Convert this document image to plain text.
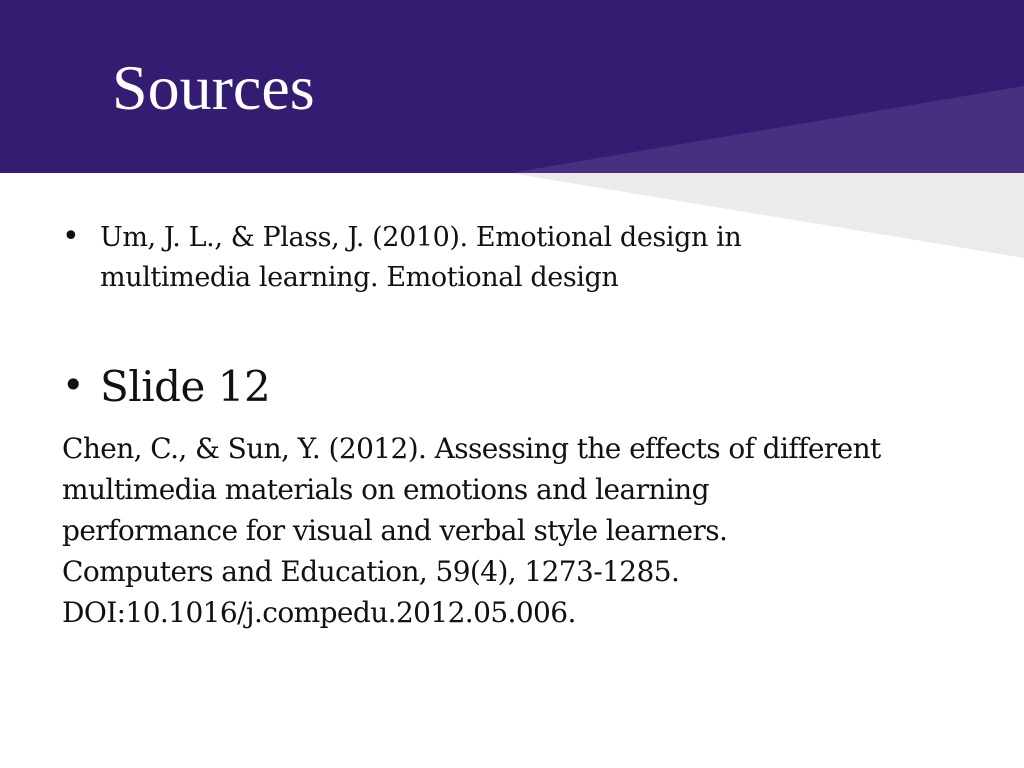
Sources
• Um, J. L., & Plass, J. (2010). Emotional design in multimedia learning. Emotional design
• Slide 12
Chen, C., & Sun, Y. (2012). Assessing the effects of different
multimedia materials on emotions and learning
performance for visual and verbal style learners.
Computers and Education, 59(4), 1273-1285.
DOI:10.1016/j.compedu.2012.05.006.
